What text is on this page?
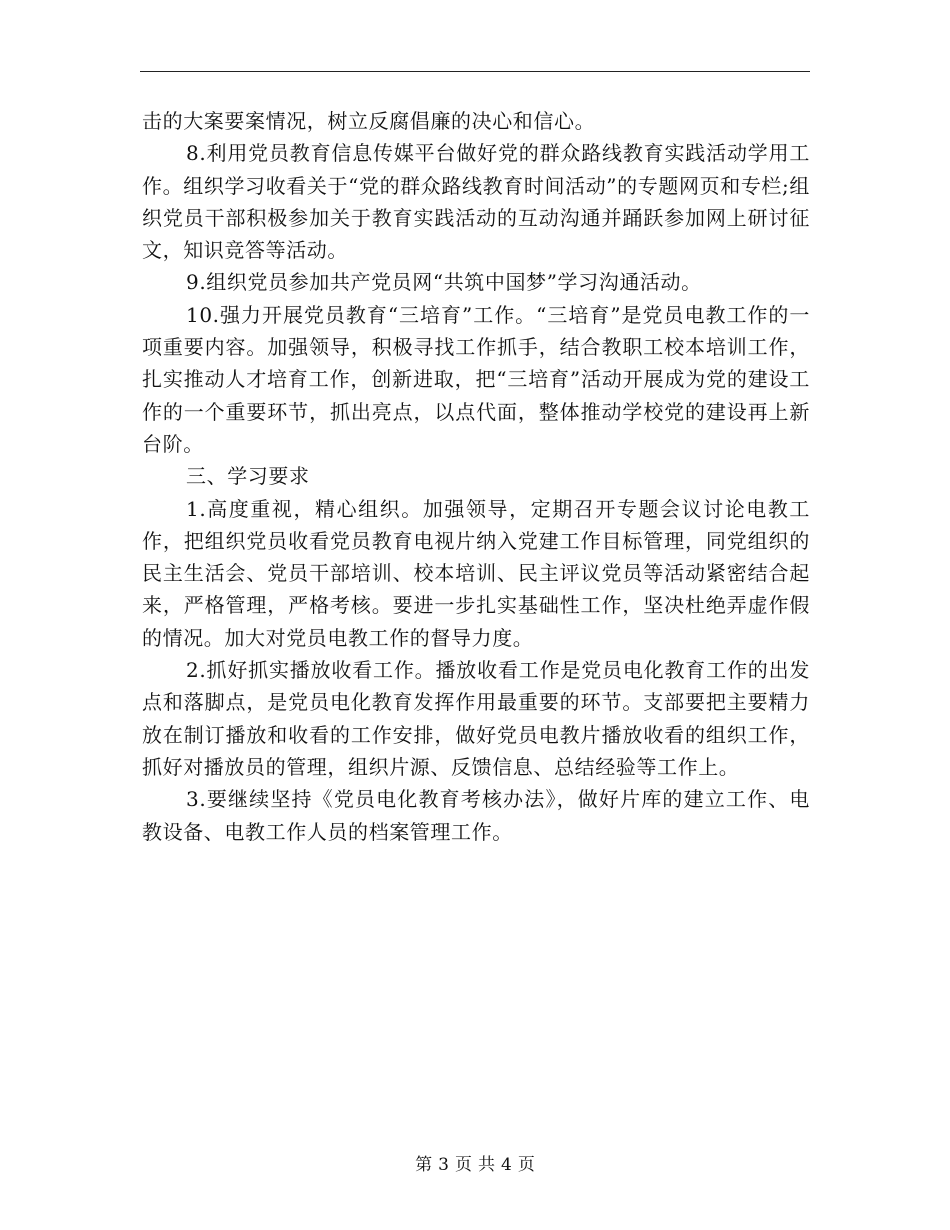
击的大案要案情况，树立反腐倡廉的决心和信心。

8.利用党员教育信息传媒平台做好党的群众路线教育实践活动学用工作。组织学习收看关于“党的群众路线教育时间活动”的专题网页和专栏;组织党员干部积极参加关于教育实践活动的互动沟通并踊跃参加网上研讨征文，知识竞答等活动。

9.组织党员参加共产党员网“共筑中国梦”学习沟通活动。

10.强力开展党员教育“三培育”工作。“三培育”是党员电教工作的一项重要内容。加强领导，积极寻找工作抓手，结合教职工校本培训工作，扎实推动人才培育工作，创新进取，把“三培育”活动开展成为党的建设工作的一个重要环节，抓出亮点，以点代面，整体推动学校党的建设再上新台阶。

三、学习要求

1.高度重视，精心组织。加强领导，定期召开专题会议讨论电教工作，把组织党员收看党员教育电视片纳入党建工作目标管理，同党组织的民主生活会、党员干部培训、校本培训、民主评议党员等活动紧密结合起来，严格管理，严格考核。要进一步扎实基础性工作，坚决杜绝弄虚作假的情况。加大对党员电教工作的督导力度。

2.抓好抓实播放收看工作。播放收看工作是党员电化教育工作的出发点和落脚点，是党员电化教育发挥作用最重要的环节。支部要把主要精力放在制订播放和收看的工作安排，做好党员电教片播放收看的组织工作，抓好对播放员的管理，组织片源、反馈信息、总结经验等工作上。

3.要继续坚持《党员电化教育考核办法》，做好片库的建立工作、电教设备、电教工作人员的档案管理工作。

第 3 页 共 4 页
